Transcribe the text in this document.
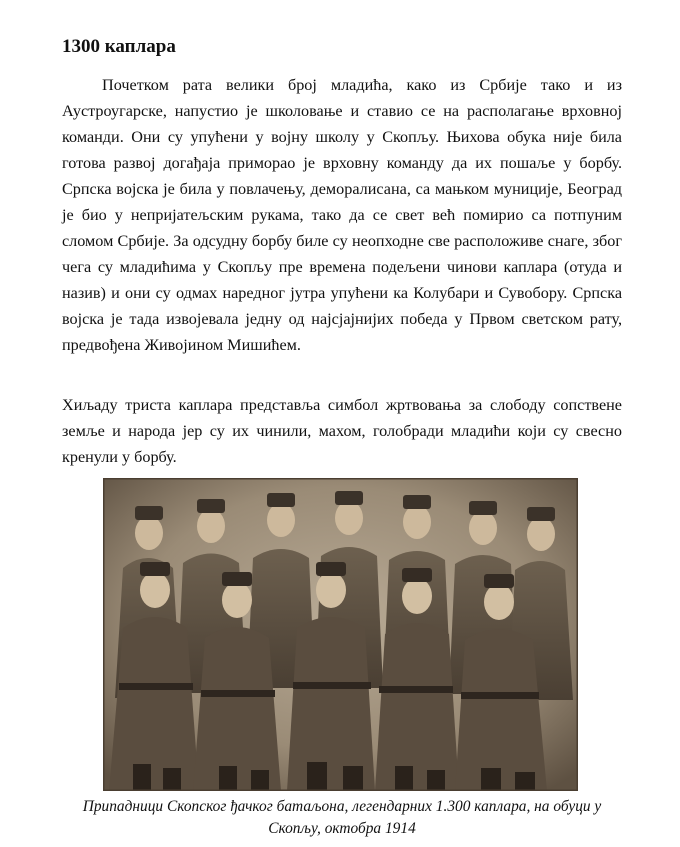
1300 каплара

Почетком рата велики број младића, како из Србије тако и из Аустроугарске, напустио је школовање и ставио се на располагање врховној команди. Они су упућени у војну школу у Скопљу. Њихова обука није била готова развој догађаја приморао је врховну команду да их пошаље у борбу. Српска војска је била у повлачењу, деморалисана, са мањком муниције, Београд је био у непријатељским рукама, тако да се свет већ помирио са потпуним сломом Србије. За одсудну борбу биле су неопходне све расположиве снаге, због чега су младићима у Скопљу пре времена подељени чинови каплара (отуда и назив) и они су одмах наредног јутра упућени ка Колубари и Сувобору. Српска војска је тада извојевала једну од најсјајнијих победа у Првом светском рату, предвођена Живојином Мишићем.

Хиљаду триста каплара представља симбол жртвовања за слободу сопствене земље и народа јер су их чинили, махом, голобради младићи који су свесно кренули у борбу.

Припадници Скопског ђачког батаљона, легендарних 1.300 каплара, на обуци у Скопљу, октобра 1914
